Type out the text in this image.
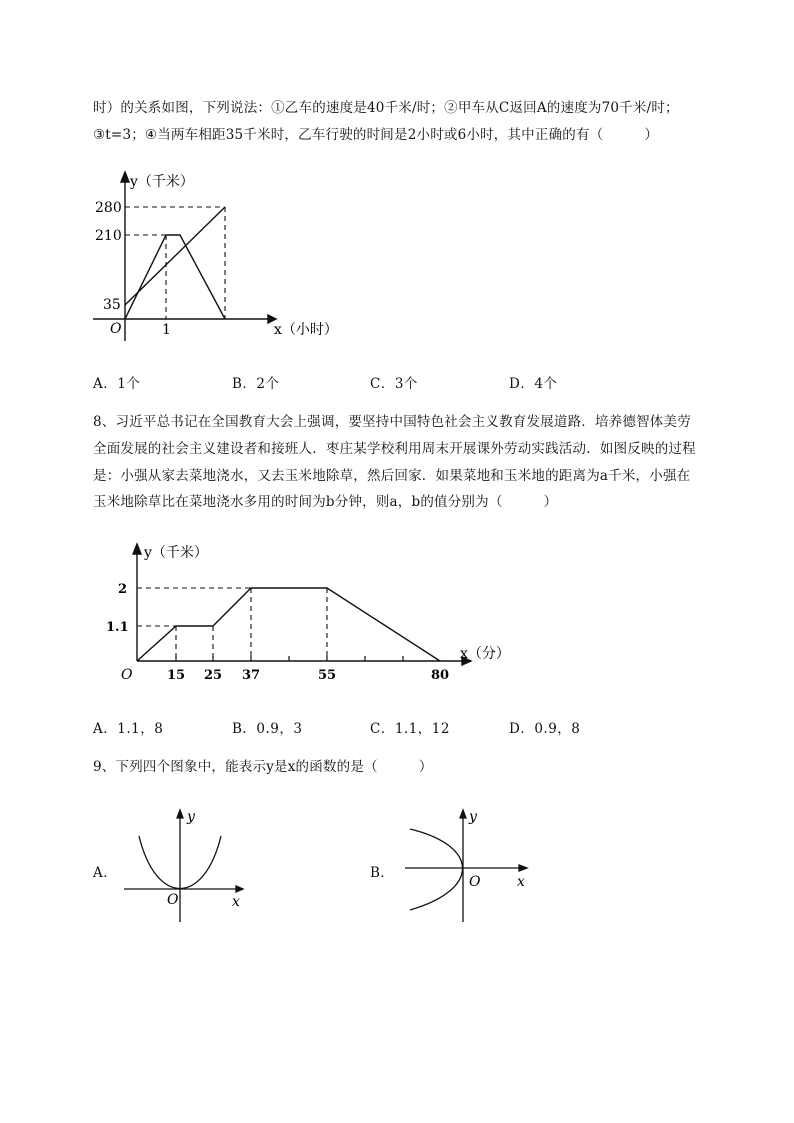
时）的关系如图，下列说法：①乙车的速度是40千米/时；②甲车从C返回A的速度为70千米/时；
③t=3；④当两车相距35千米时，乙车行驶的时间是2小时或6小时，其中正确的有（　　　）
y（千米）
x（小时）
280
210
35
1
O
A．1个	B．2个	C．3个	D．4个
8、习近平总书记在全国教育大会上强调，要坚持中国特色社会主义教育发展道路．培养德智体美劳
全面发展的社会主义建设者和接班人．枣庄某学校利用周末开展课外劳动实践活动．如图反映的过程
是：小强从家去菜地浇水，又去玉米地除草，然后回家．如果菜地和玉米地的距离为a千米，小强在
玉米地除草比在菜地浇水多用的时间为b分钟，则a，b的值分别为（　　　）
y（千米）
x（分）
2
1.1
O	15 25 37	55	80
A．1.1，8	B．0.9，3	C．1.1，12	D．0.9，8
9、下列四个图象中，能表示y是x的函数的是（　　　）
A．
y
x
O
B．
y
x
O
